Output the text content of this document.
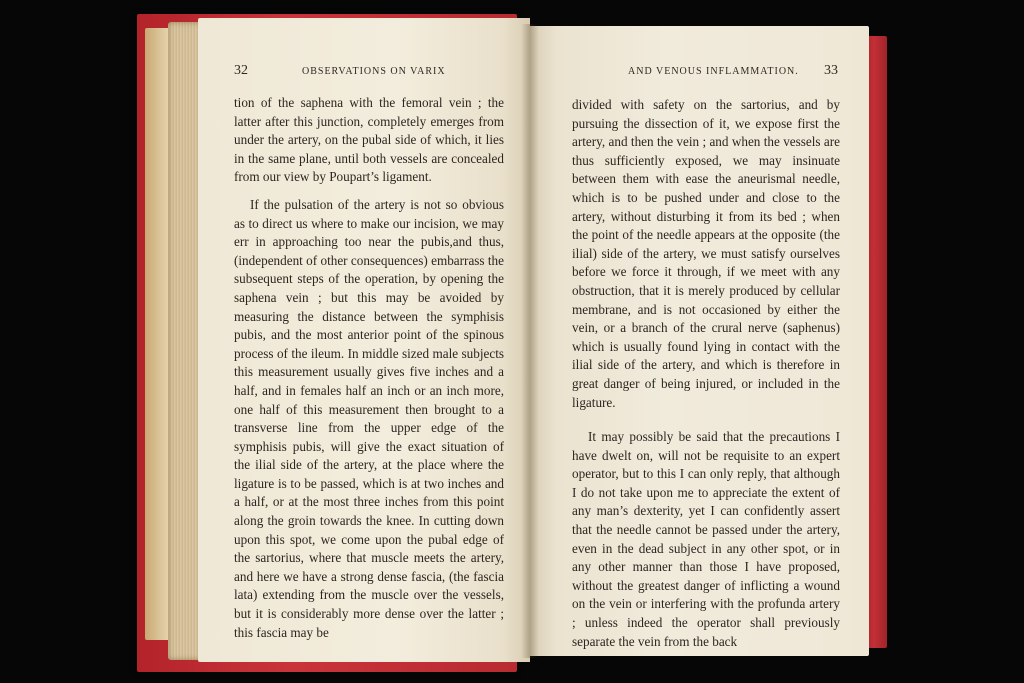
32	OBSERVATIONS ON VARIX	AND VENOUS INFLAMMATION. 33

tion of the saphena with the femoral vein ; the latter after this junction, completely emerges from under the artery, on the pubal side of which, it lies in the same plane, until both vessels are concealed from our view by Poupart’s ligament.

If the pulsation of the artery is not so obvious as to direct us where to make our incision, we may err in approaching too near the pubis,and thus, (independent of other consequences) embarrass the subsequent steps of the operation, by opening the saphena vein ; but this may be avoided by measuring the distance between the symphisis pubis, and the most anterior point of the spinous process of the ileum. In middle sized male subjects this measurement usually gives five inches and a half, and in females half an inch or an inch more, one half of this measurement then brought to a transverse line from the upper edge of the symphisis pubis, will give the exact situation of the ilial side of the artery, at the place where the ligature is to be passed, which is at two inches and a half, or at the most three inches from this point along the groin towards the knee. In cutting down upon this spot, we come upon the pubal edge of the sartorius, where that muscle meets the artery, and here we have a strong dense fascia, (the fascia lata) extending from the muscle over the vessels, but it is considerably more dense over the latter ; this fascia may be

divided with safety on the sartorius, and by pursuing the dissection of it, we expose first the artery, and then the vein ; and when the vessels are thus sufficiently exposed, we may insinuate between them with ease the aneurismal needle, which is to be pushed under and close to the artery, without disturbing it from its bed ; when the point of the needle appears at the opposite (the ilial) side of the artery, we must satisfy ourselves before we force it through, if we meet with any obstruction, that it is merely produced by cellular membrane, and is not occasioned by either the vein, or a branch of the crural nerve (saphenus) which is usually found lying in contact with the ilial side of the artery, and which is therefore in great danger of being injured, or included in the ligature.

It may possibly be said that the precautions I have dwelt on, will not be requisite to an expert operator, but to this I can only reply, that although I do not take upon me to appreciate the extent of any man’s dexterity, yet I can confidently assert that the needle cannot be passed under the artery, even in the dead subject in any other spot, or in any other manner than those I have proposed, without the greatest danger of inflicting a wound on the vein or interfering with the profunda artery ; unless indeed the operator shall previously separate the vein from the back
